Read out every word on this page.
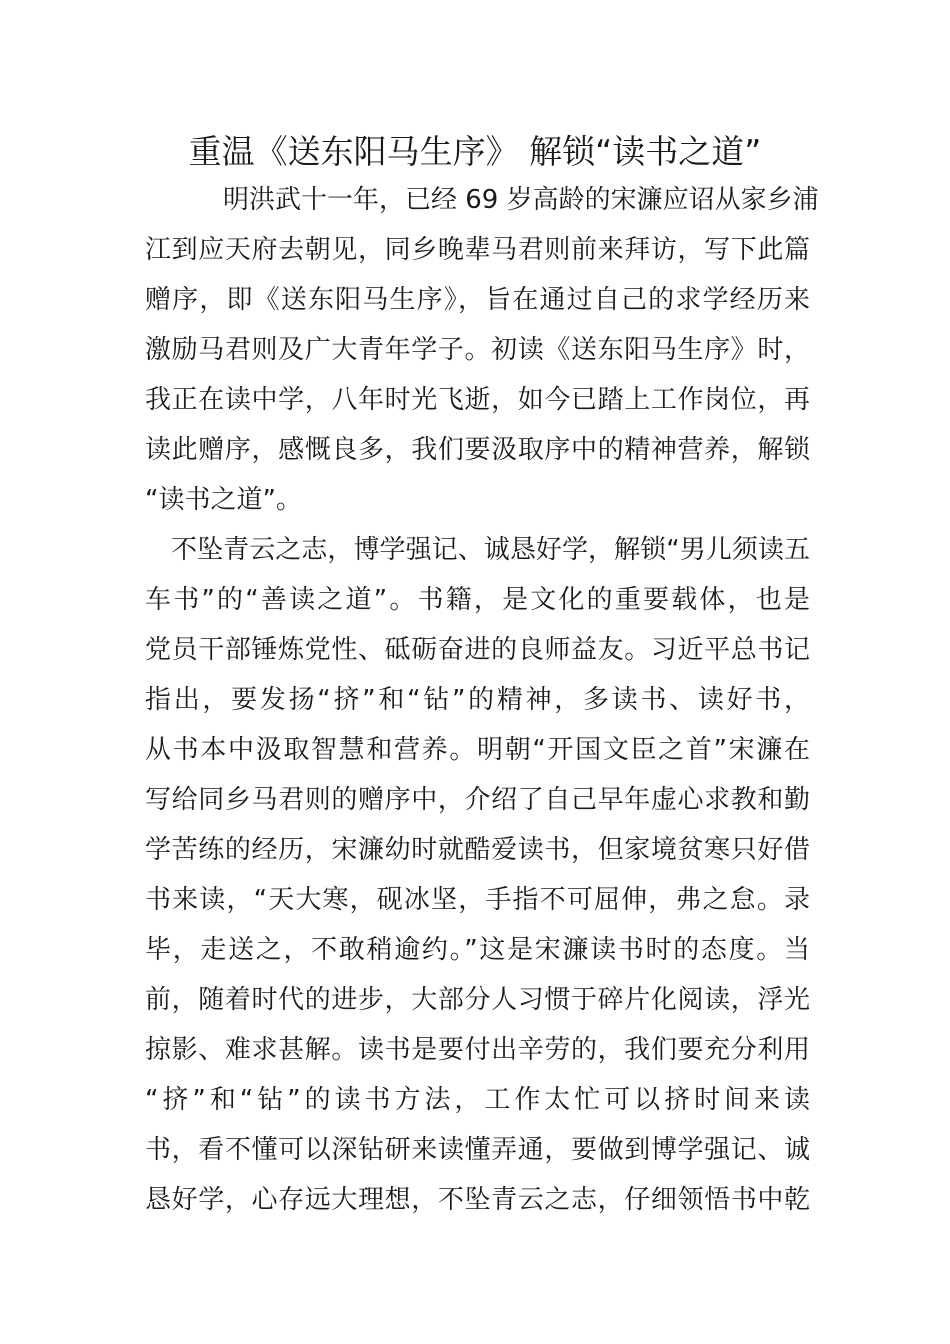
重温《送东阳马生序》 解锁“读书之道”
明洪武十一年，已经 69 岁高龄的宋濂应诏从家乡浦
江到应天府去朝见，同乡晚辈马君则前来拜访，写下此篇
赠序，即《送东阳马生序》，旨在通过自己的求学经历来
激励马君则及广大青年学子。初读《送东阳马生序》时，
我正在读中学，八年时光飞逝，如今已踏上工作岗位，再
读此赠序，感慨良多，我们要汲取序中的精神营养，解锁
“读书之道”。
不坠青云之志，博学强记、诚恳好学，解锁“男儿须读五
车书”的“善读之道”。书籍，是文化的重要载体，也是
党员干部锤炼党性、砥砺奋进的良师益友。习近平总书记
指出，要发扬“挤”和“钻”的精神，多读书、读好书，
从书本中汲取智慧和营养。明朝“开国文臣之首”宋濂在
写给同乡马君则的赠序中，介绍了自己早年虚心求教和勤
学苦练的经历，宋濂幼时就酷爱读书，但家境贫寒只好借
书来读，“天大寒，砚冰坚，手指不可屈伸，弗之怠。录
毕，走送之，不敢稍逾约。”这是宋濂读书时的态度。当
前，随着时代的进步，大部分人习惯于碎片化阅读，浮光
掠影、难求甚解。读书是要付出辛劳的，我们要充分利用
“挤”和“钻”的读书方法，工作太忙可以挤时间来读
书，看不懂可以深钻研来读懂弄通，要做到博学强记、诚
恳好学，心存远大理想，不坠青云之志，仔细领悟书中乾
